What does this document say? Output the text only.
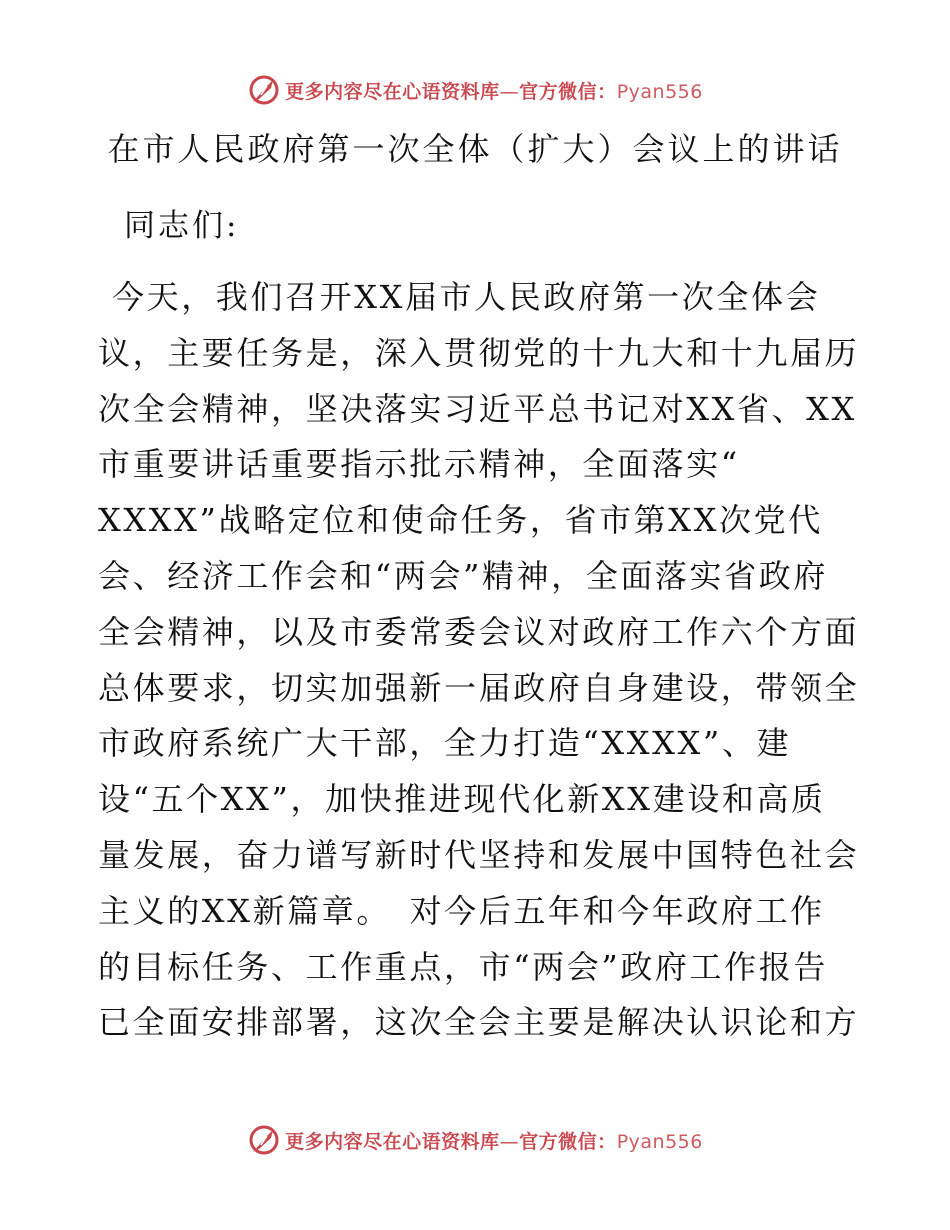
更多内容尽在心语资料库—官方微信：Pyan556
在市人民政府第一次全体（扩大）会议上的讲话
同志们:
今天，我们召开XX届市人民政府第一次全体会
议，主要任务是，深入贯彻党的十九大和十九届历
次全会精神，坚决落实习近平总书记对XX省、XX
市重要讲话重要指示批示精神，全面落实“
XXXX”战略定位和使命任务，省市第XX次党代
会、经济工作会和“两会”精神，全面落实省政府
全会精神，以及市委常委会议对政府工作六个方面
总体要求，切实加强新一届政府自身建设，带领全
市政府系统广大干部，全力打造“XXXX”、建
设“五个XX”，加快推进现代化新XX建设和高质
量发展，奋力谱写新时代坚持和发展中国特色社会
主义的XX新篇章。　对今后五年和今年政府工作
的目标任务、工作重点，市“两会”政府工作报告
已全面安排部署，这次全会主要是解决认识论和方
更多内容尽在心语资料库—官方微信：Pyan556
